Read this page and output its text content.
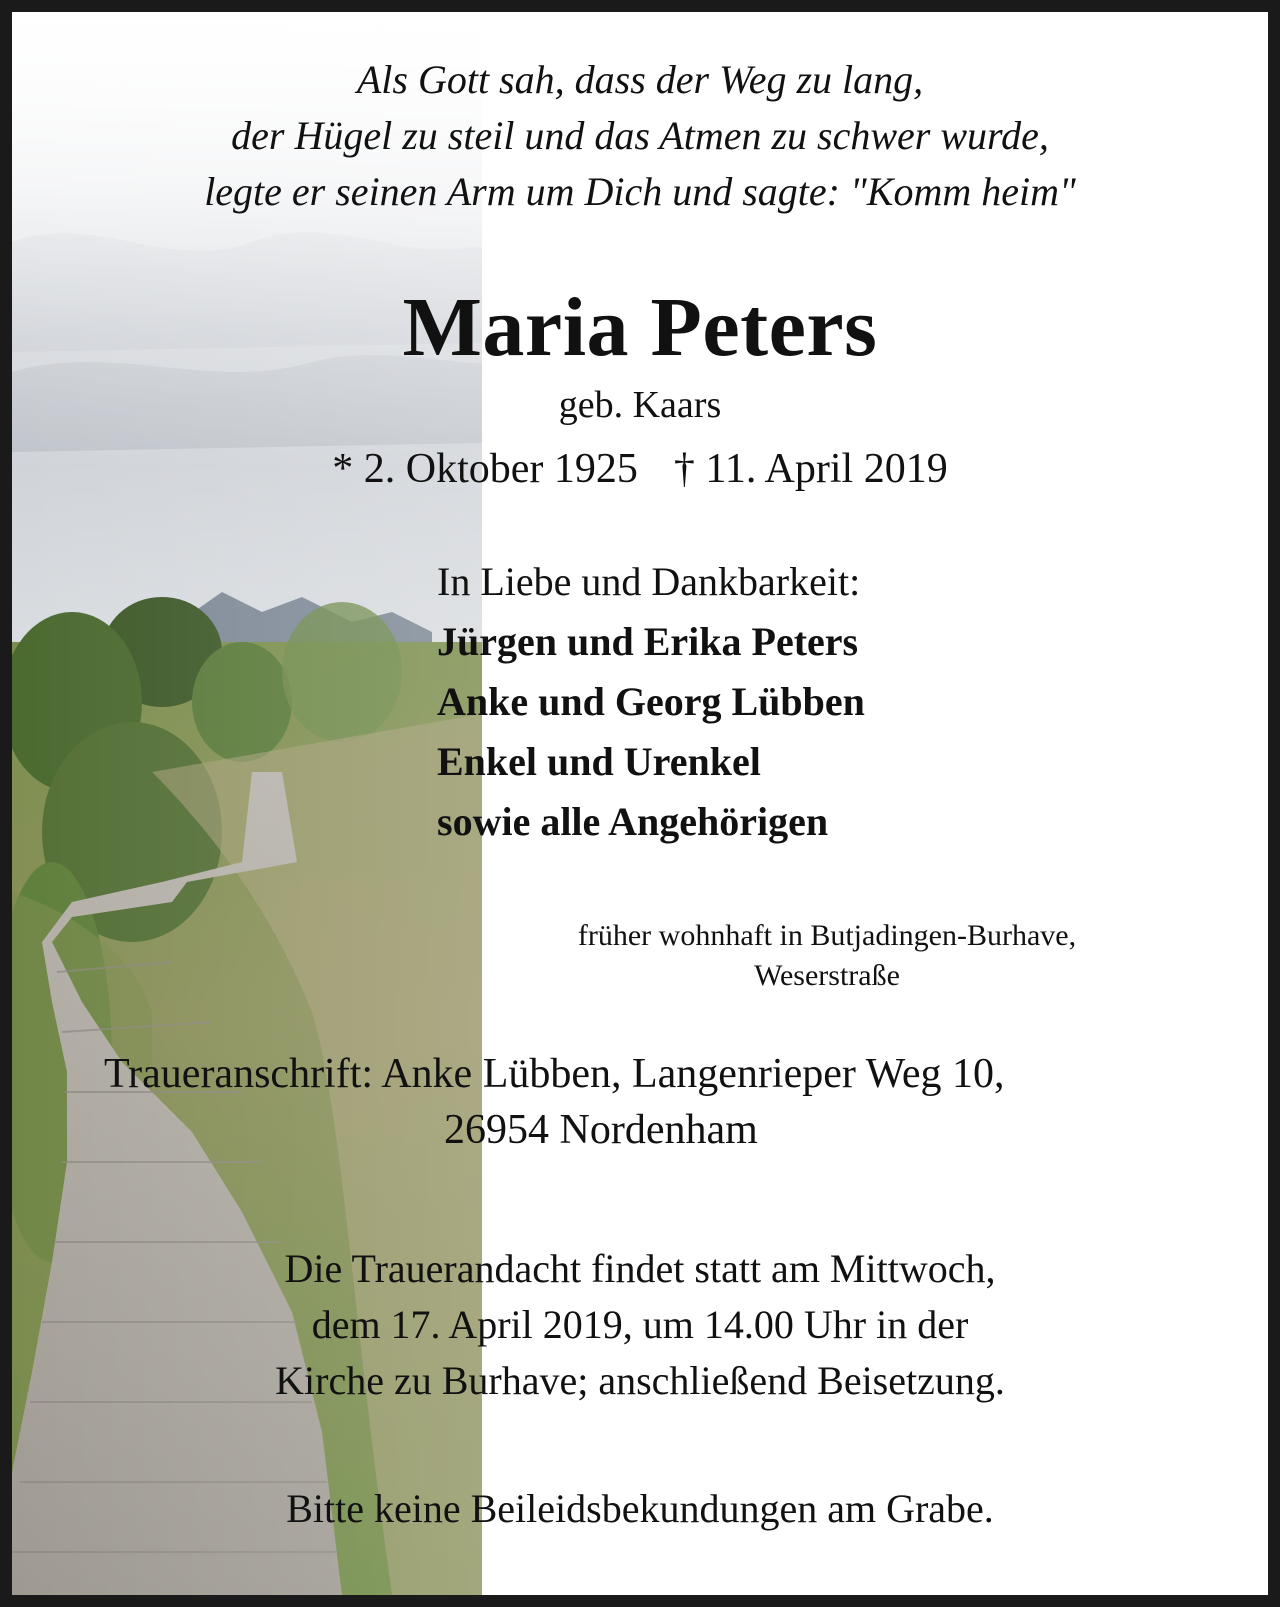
Als Gott sah, dass der Weg zu lang,
der Hügel zu steil und das Atmen zu schwer wurde,
legte er seinen Arm um Dich und sagte: "Komm heim"
Maria Peters
geb. Kaars
* 2. Oktober 1925 † 11. April 2019
In Liebe und Dankbarkeit:
Jürgen und Erika Peters
Anke und Georg Lübben
Enkel und Urenkel
sowie alle Angehörigen
früher wohnhaft in Butjadingen-Burhave,
Weserstraße
Traueranschrift: Anke Lübben, Langenrieper Weg 10,
26954 Nordenham
Die Trauerandacht findet statt am Mittwoch,
dem 17. April 2019, um 14.00 Uhr in der
Kirche zu Burhave; anschließend Beisetzung.
Bitte keine Beileidsbekundungen am Grabe.
